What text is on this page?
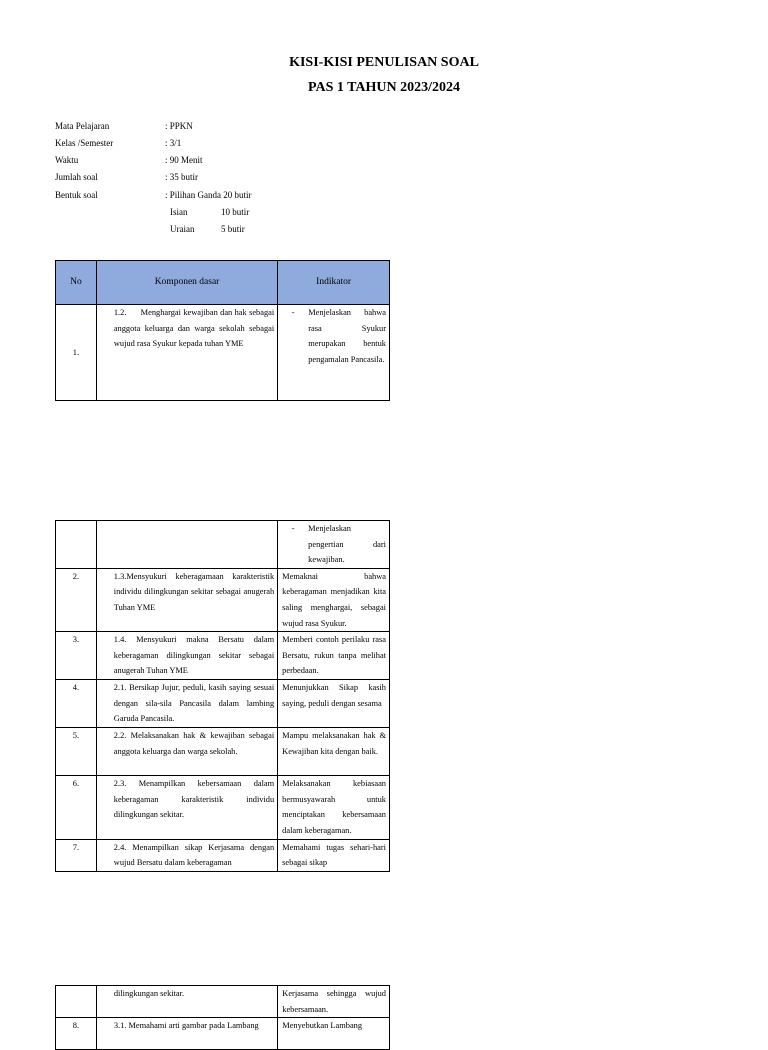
KISI-KISI PENULISAN SOAL
PAS 1 TAHUN 2023/2024
Mata Pelajaran	: PPKN
Kelas /Semester	: 3/1
Waktu	: 90 Menit
Jumlah soal	: 35 butir
Bentuk soal	: Pilihan Ganda 20 butir
Isian	10 butir
Uraian	5 butir
No	Komponen dasar	Indikator
1.	1.2.      Menghargai kewajiban dan hak sebagai anggota keluarga dan warga sekolah sebagai wujud rasa Syukur kepada tuhan YME	- Menjelaskan bahwa rasa Syukur merupakan bentuk pengamalan Pancasila.

		- Menjelaskan pengertian dari kewajiban.

2.	1.3.Mensyukuri keberagamaan karakteristik individu dilingkungan sekitar sebagai anugerah Tuhan YME	Memaknai bahwa keberagaman menjadikan kita saling menghargai, sebagai wujud rasa Syukur.
3.	1.4. Mensyukuri makna Bersatu dalam keberagaman dilingkungan sekitar sebagai anugerah Tuhan YME	Memberi contoh perilaku rasa Bersatu, rukun tanpa melihat perbedaan.
4.	2.1. Bersikap Jujur, peduli, kasih saying sesuai dengan sila-sila Pancasila dalam lambing Garuda Pancasila.	Menunjukkan Sikap kasih saying, peduli dengan sesama
5.	2.2. Melaksanakan hak & kewajiban sebagai anggota keluarga dan warga sekolah.	Mampu melaksanakan hak & Kewajiban kita dengan baik.
6.	2.3. Menampilkan kebersamaan dalam keberagaman karakteristik individu dilingkungan sekitar.	Melaksanakan kebiasaan bermusyawarah untuk menciptakan kebersamaan dalam keberagaman.
7.	2.4. Menampilkan sikap Kerjasama dengan wujud Bersatu dalam keberagaman	Memahami tugas sehari-hari sebagai sikap
	dilingkungan sekitar.	Kerjasama sehingga wujud kebersamaan.
8.	3.1. Memahami arti gambar pada Lambang	Menyebutkan Lambang
